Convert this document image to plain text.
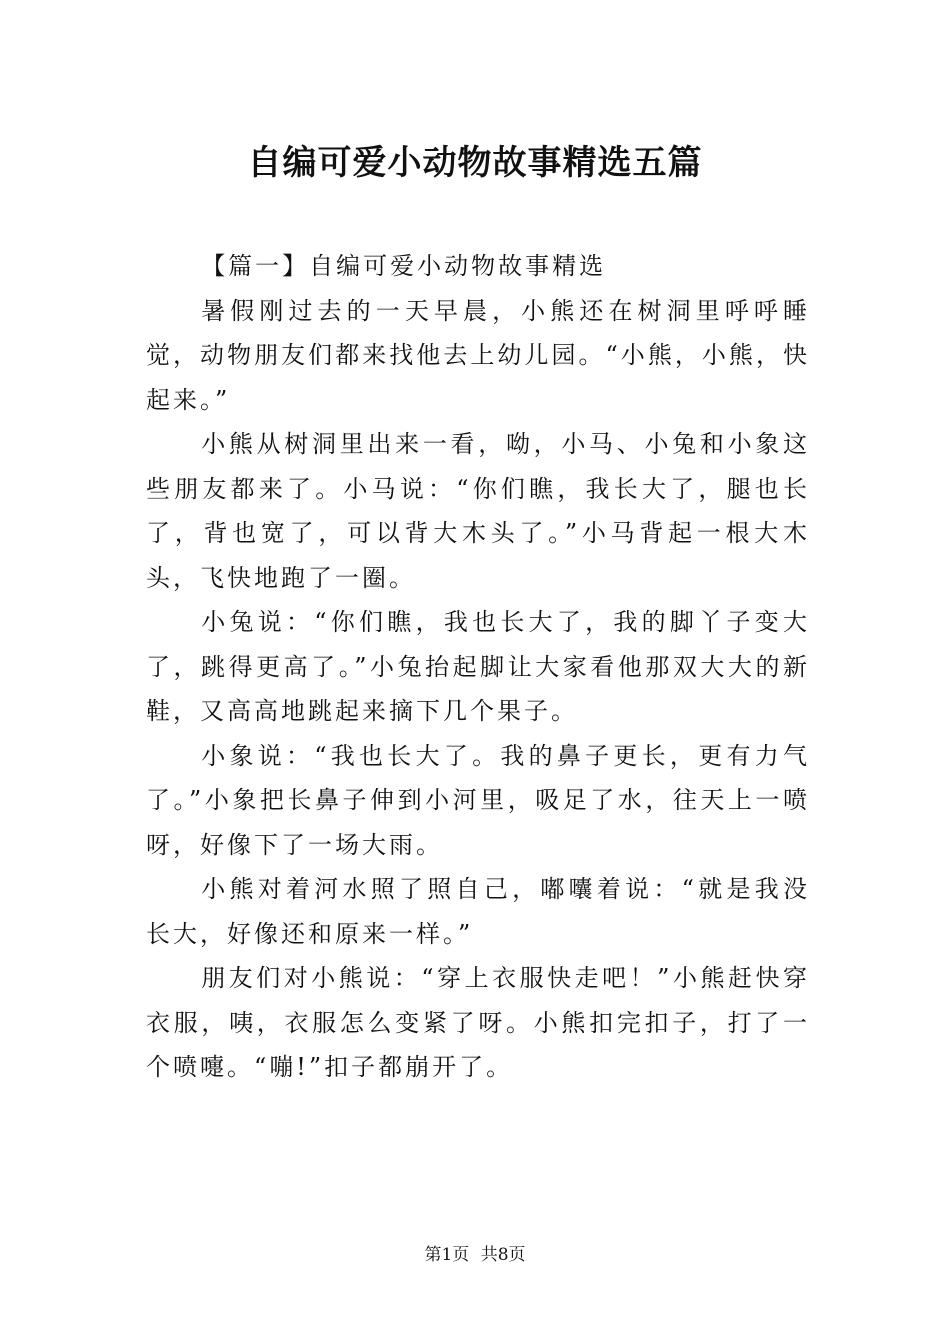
自编可爱小动物故事精选五篇

【篇一】自编可爱小动物故事精选

暑假刚过去的一天早晨，小熊还在树洞里呼呼睡觉，动物朋友们都来找他去上幼儿园。“小熊，小熊，快起来。”

小熊从树洞里出来一看，呦，小马、小兔和小象这些朋友都来了。小马说：“你们瞧，我长大了，腿也长了，背也宽了，可以背大木头了。”小马背起一根大木头，飞快地跑了一圈。

小兔说：“你们瞧，我也长大了，我的脚丫子变大了，跳得更高了。”小兔抬起脚让大家看他那双大大的新鞋，又高高地跳起来摘下几个果子。

小象说：“我也长大了。我的鼻子更长，更有力气了。”小象把长鼻子伸到小河里，吸足了水，往天上一喷呀，好像下了一场大雨。

小熊对着河水照了照自己，嘟囔着说：“就是我没长大，好像还和原来一样。”

朋友们对小熊说：“穿上衣服快走吧！”小熊赶快穿衣服，咦，衣服怎么变紧了呀。小熊扣完扣子，打了一个喷嚏。“嘣!”扣子都崩开了。

第1页 共8页
